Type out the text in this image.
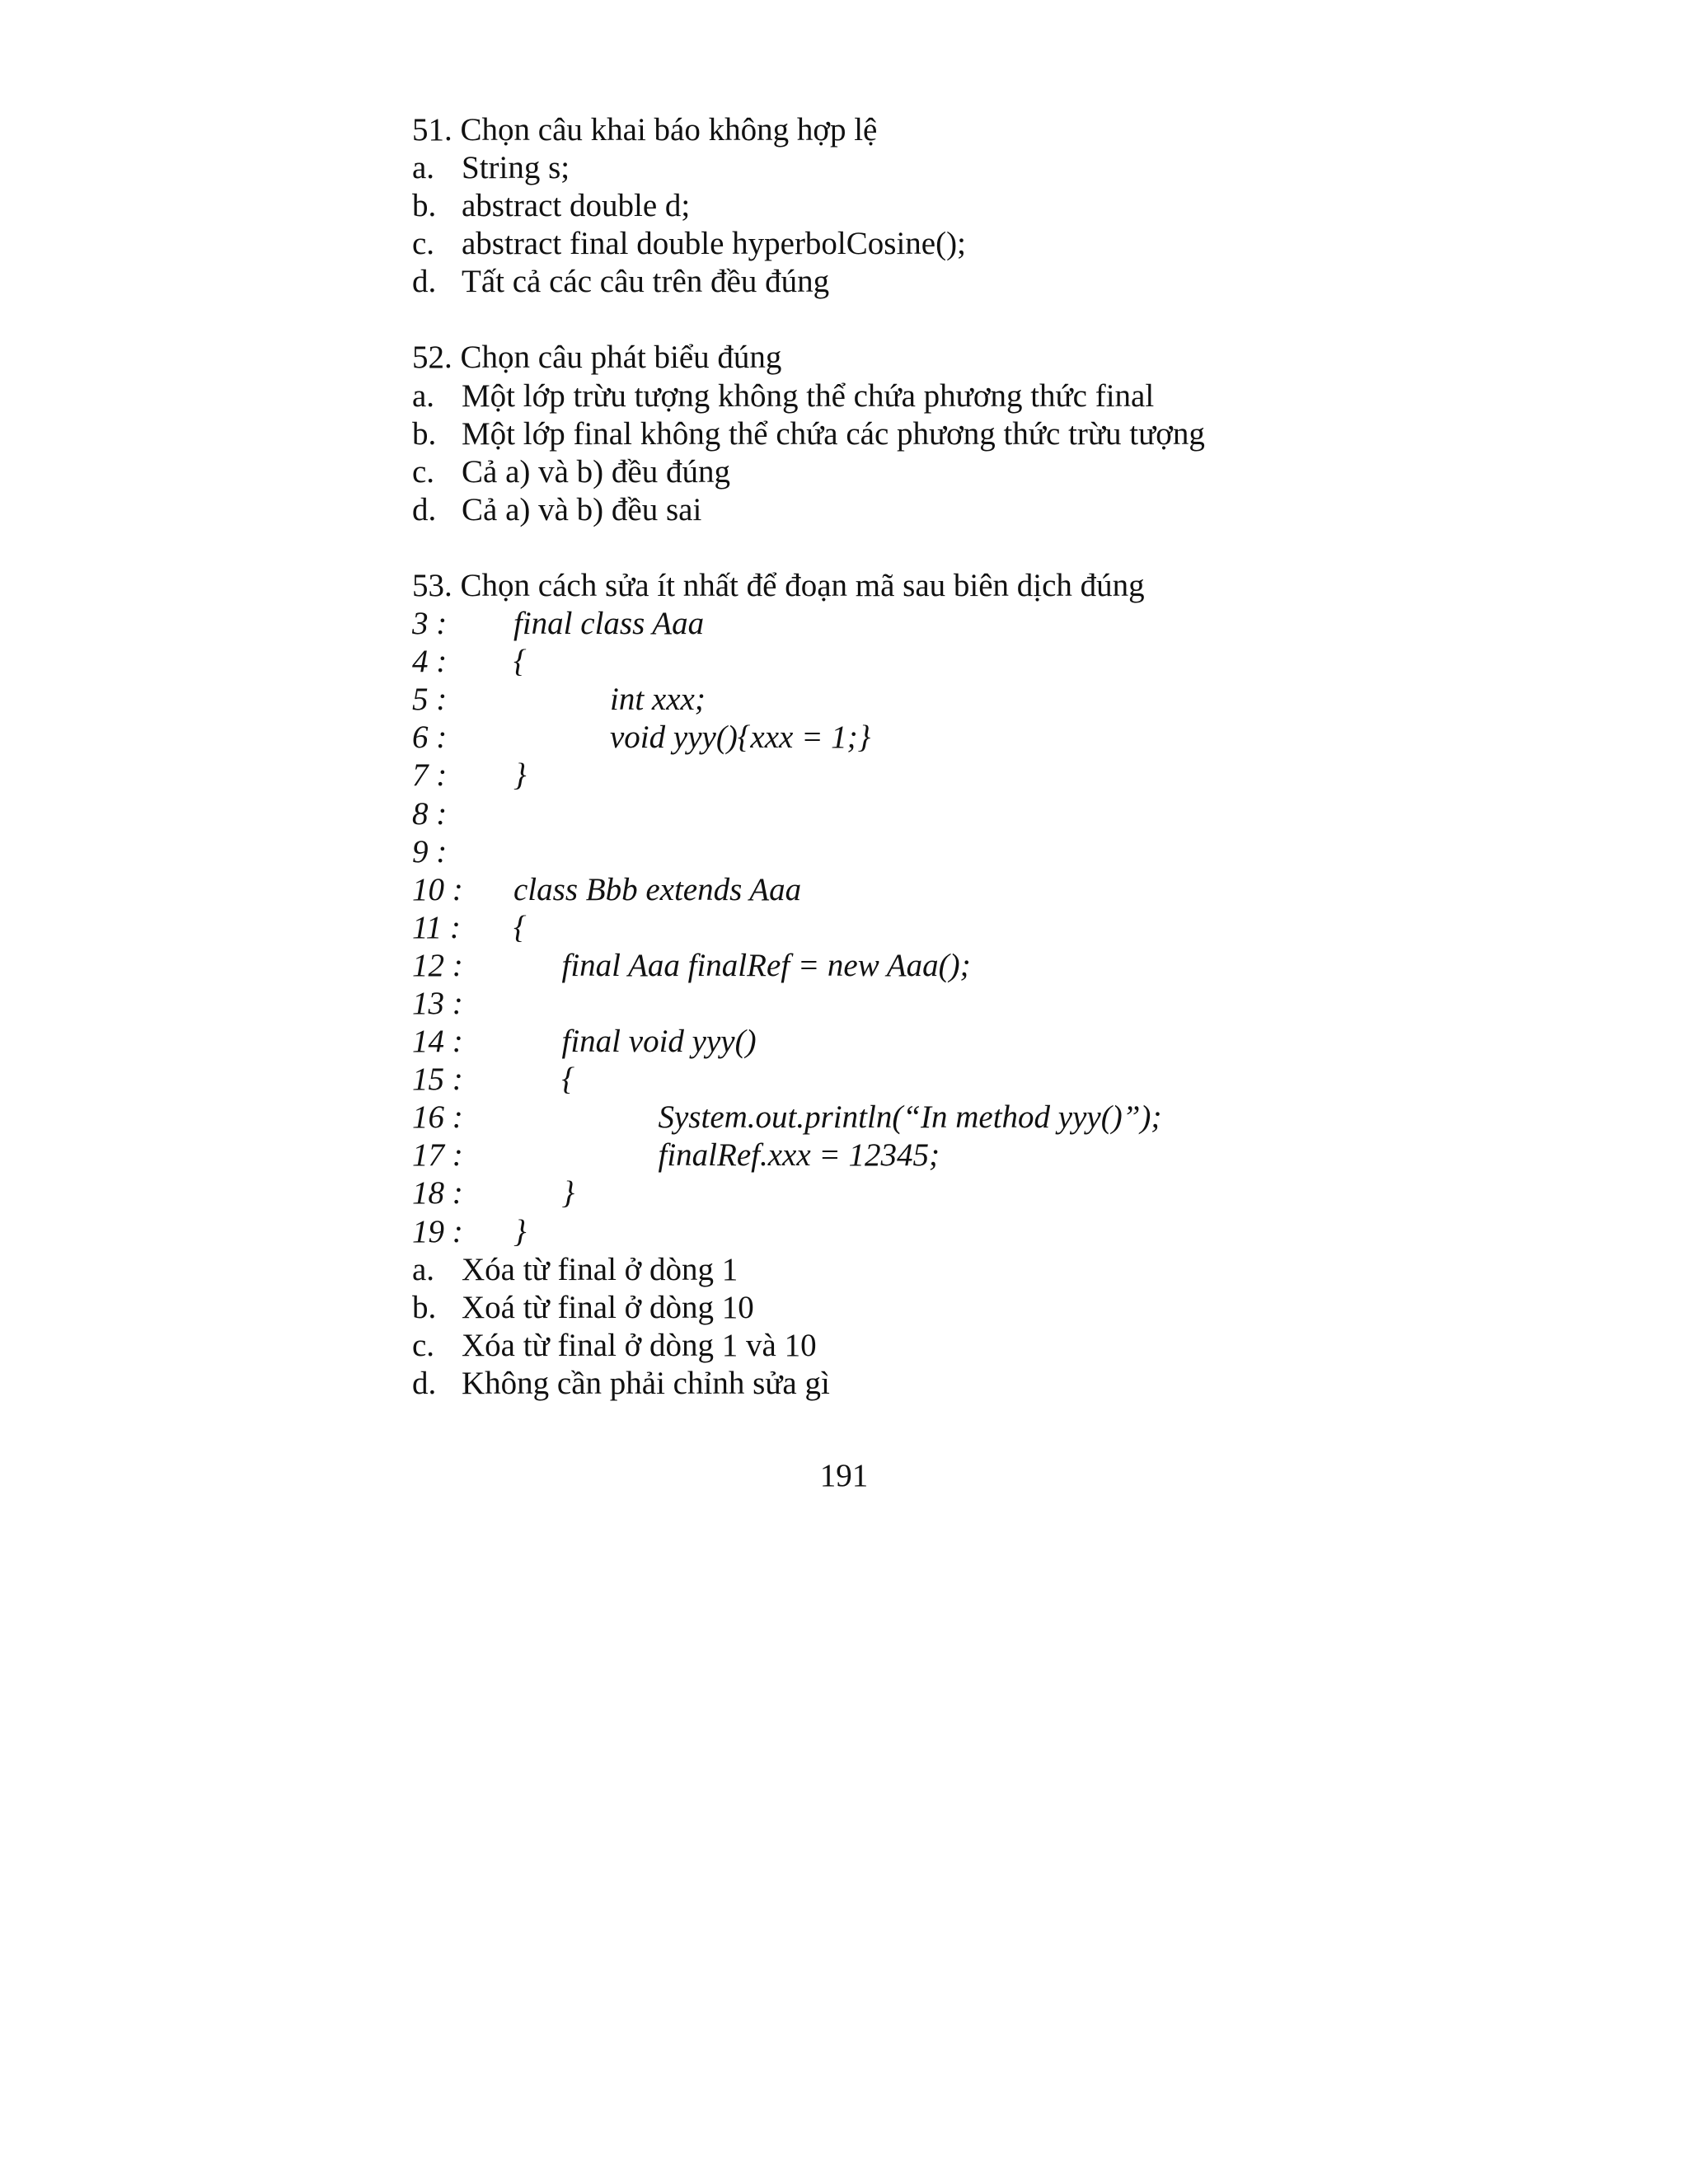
51. Chọn câu khai báo không hợp lệ
a. String s;
b. abstract double d;
c. abstract final double hyperbolCosine();
d. Tất cả các câu trên đều đúng
52. Chọn câu phát biểu đúng
a. Một lớp trừu tượng không thể chứa phương thức final
b. Một lớp final không thể chứa các phương thức trừu tượng
c. Cả a) và b) đều đúng
d. Cả a) và b) đều sai
53. Chọn cách sửa ít nhất để đoạn mã sau biên dịch đúng
3 :	final class Aaa
4 :	{
5 :	int xxx;
6 :	void yyy(){xxx = 1;}
7 :	}
8 :
9 :
10 :	class Bbb extends Aaa
11 :	{
12 :	final Aaa finalRef = new Aaa();
13 :
14 :	final void yyy()
15 :	{
16 :	System.out.println(“In method yyy()”);
17 :	finalRef.xxx = 12345;
18 :	}
19 :	}
a. Xóa từ final ở dòng 1
b. Xoá từ final ở dòng 10
c. Xóa từ final ở dòng 1 và 10
d. Không cần phải chỉnh sửa gì
191
